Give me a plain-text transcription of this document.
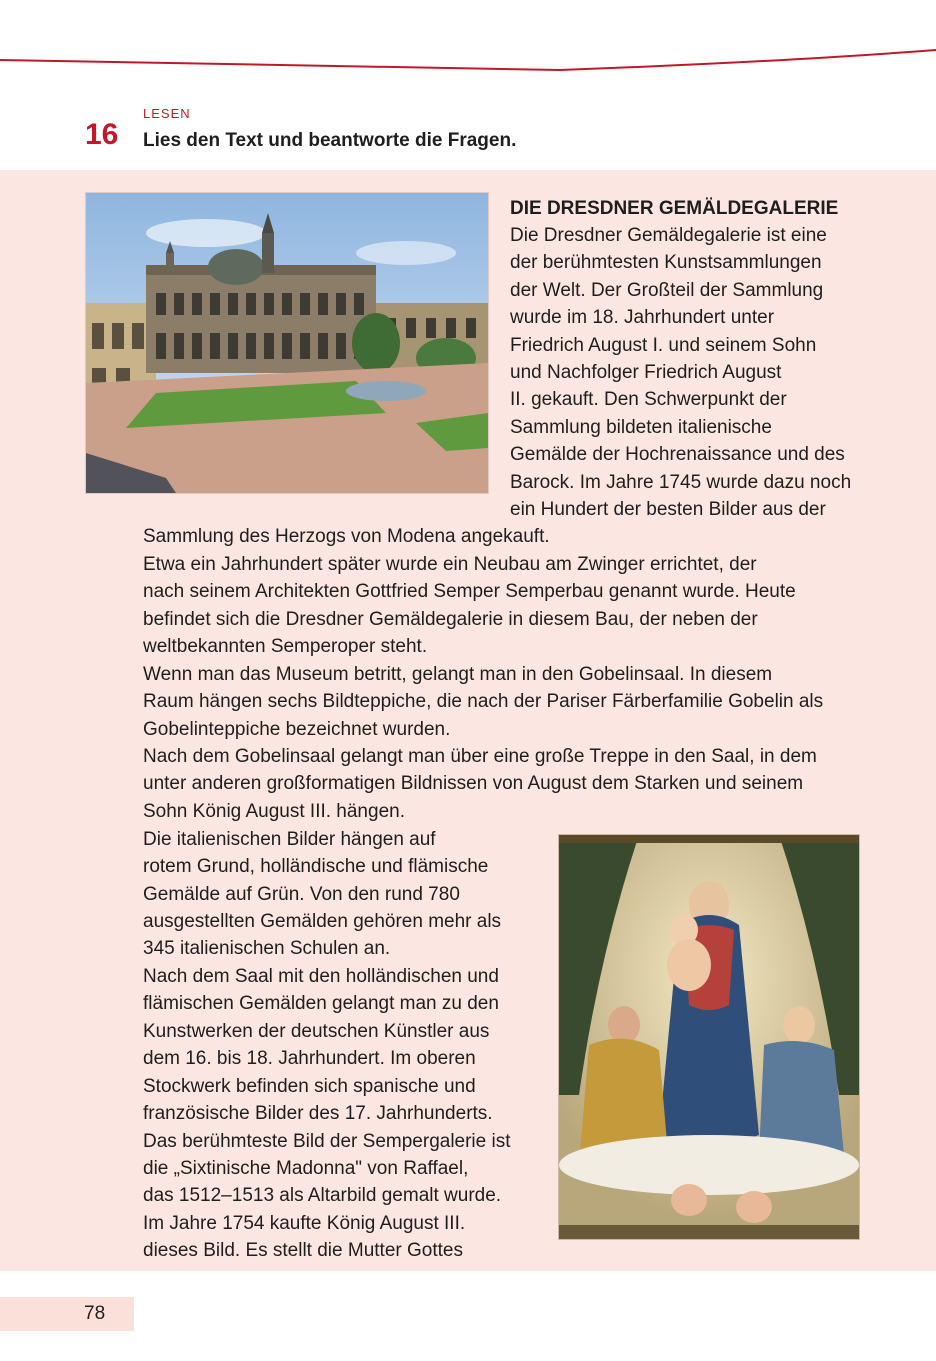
LESEN
16 Lies den Text und beantworte die Fragen.

DIE DRESDNER GEMÄLDEGALERIE

Die Dresdner Gemäldegalerie ist eine

der berühmtesten Kunstsammlungen

der Welt. Der Großteil der Sammlung

wurde im 18. Jahrhundert unter

Friedrich August I. und seinem Sohn

und Nachfolger Friedrich August

II. gekauft. Den Schwerpunkt der

Sammlung bildeten italienische

Gemälde der Hochrenaissance und des

Barock. Im Jahre 1745 wurde dazu noch

ein Hundert der besten Bilder aus der

Sammlung des Herzogs von Modena angekauft.

Etwa ein Jahrhundert später wurde ein Neubau am Zwinger errichtet, der

nach seinem Architekten Gottfried Semper Semperbau genannt wurde. Heute

befindet sich die Dresdner Gemäldegalerie in diesem Bau, der neben der

weltbekannten Semperoper steht.

Wenn man das Museum betritt, gelangt man in den Gobelinsaal. In diesem

Raum hängen sechs Bildteppiche, die nach der Pariser Färberfamilie Gobelin als

Gobelinteppiche bezeichnet wurden.

Nach dem Gobelinsaal gelangt man über eine große Treppe in den Saal, in dem

unter anderen großformatigen Bildnissen von August dem Starken und seinem

Sohn König August III. hängen.

Die italienischen Bilder hängen auf

rotem Grund, holländische und flämische

Gemälde auf Grün. Von den rund 780

ausgestellten Gemälden gehören mehr als

345 italienischen Schulen an.

Nach dem Saal mit den holländischen und

flämischen Gemälden gelangt man zu den

Kunstwerken der deutschen Künstler aus

dem 16. bis 18. Jahrhundert. Im oberen

Stockwerk befinden sich spanische und

französische Bilder des 17. Jahrhunderts.

Das berühmteste Bild der Sempergalerie ist

die „Sixtinische Madonna" von Raffael,

das 1512–1513 als Altarbild gemalt wurde.

Im Jahre 1754 kaufte König August III.

dieses Bild. Es stellt die Mutter Gottes

78
